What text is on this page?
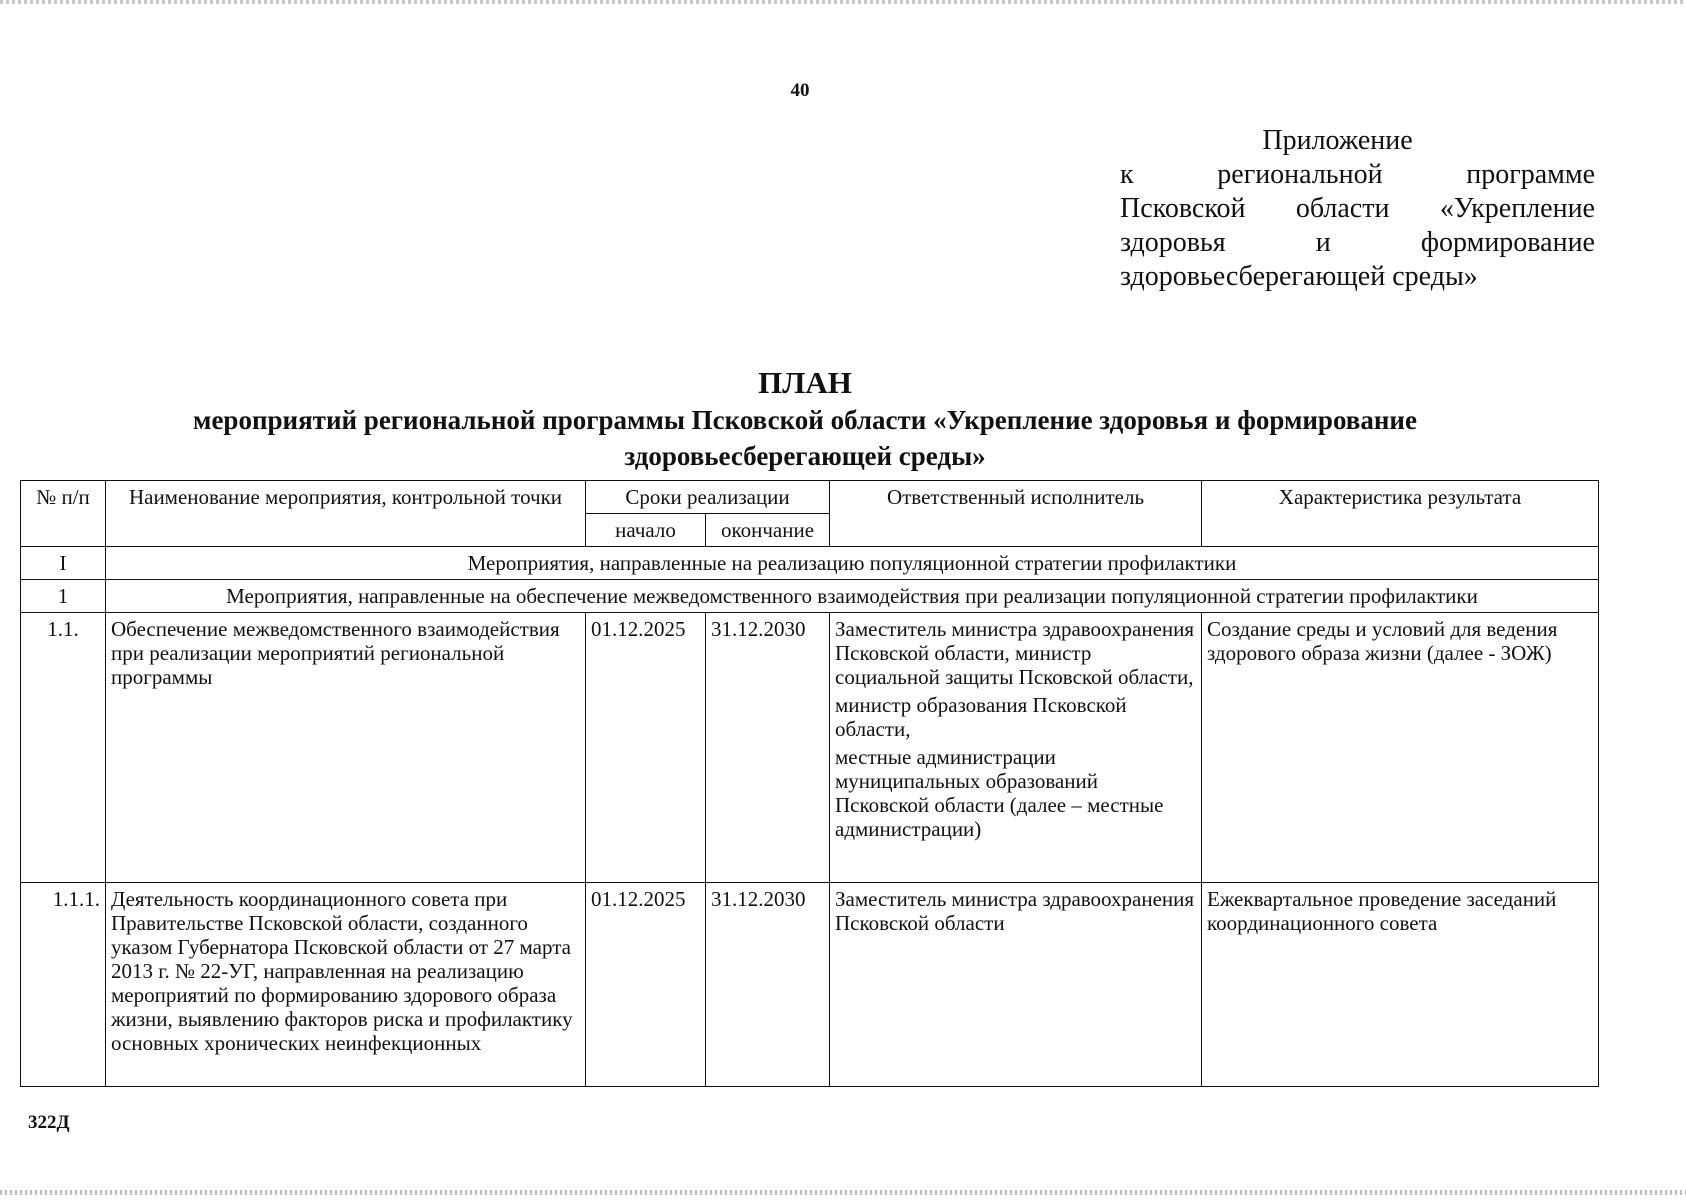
40
Приложение
к региональной программе
Псковской области «Укрепление
здоровья и формирование
здоровьесберегающей среды»
ПЛАН
мероприятий региональной программы Псковской области «Укрепление здоровья и формирование
здоровьесберегающей среды»
№ п/п	Наименование мероприятия, контрольной точки	Сроки реализации		Ответственный исполнитель	Характеристика результата
		начало	окончание		
I	Мероприятия, направленные на реализацию популяционной стратегии профилактики				
1	Мероприятия, направленные на обеспечение межведомственного взаимодействия при реализации популяционной стратегии профилактики				
1.1.	Обеспечение межведомственного взаимодействия при реализации мероприятий региональной программы	01.12.2025	31.12.2030	Заместитель министра здравоохранения Псковской области, министр социальной защиты Псковской области,

министр образования Псковской области,

местные администрации муниципальных образований Псковской области (далее – местные администрации)	Создание среды и условий для ведения здорового образа жизни (далее - ЗОЖ)
1.1.1.	Деятельность координационного совета при Правительстве Псковской области, созданного указом Губернатора Псковской области от 27 марта 2013 г. № 22-УГ, направленная на реализацию мероприятий по формированию здорового образа жизни, выявлению факторов риска и профилактику основных хронических неинфекционных	01.12.2025	31.12.2030	Заместитель министра здравоохранения Псковской области	Ежеквартальное проведение заседаний координационного совета
322Д
